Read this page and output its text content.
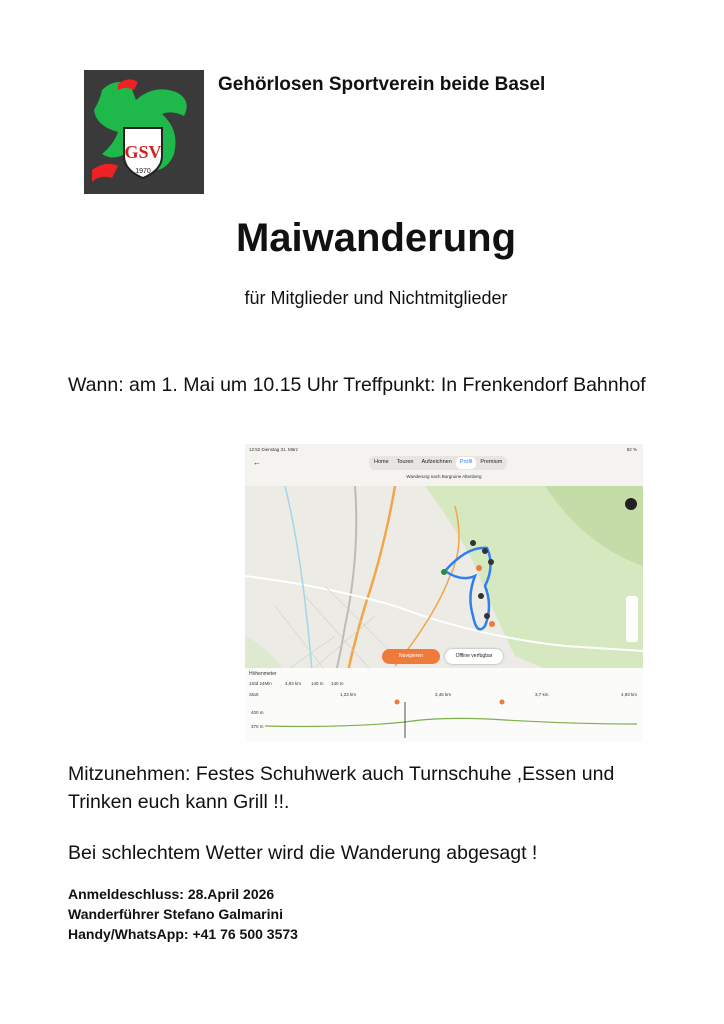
GSV
1970
Gehörlosen Sportverein beide Basel
Maiwanderung
für Mitglieder und Nichtmitglieder
Wann: am 1. Mai um 10.15 Uhr Treffpunkt: In Frenkendorf Bahnhof
12:52 Dienstag 31. März	82 %
←	Home	Touren	Aufzeichnen	Profil	Premium
Wanderung nach Burgruine Altenberg
Navigieren	Offline verfügbar
Höhenmeter
1Std 24Min	4,93 km 140 m 140 m
Start	1,23 km	2,46 km	3,7 km	4,93 km
400 m
370 m
Mitzunehmen: Festes Schuhwerk auch Turnschuhe ,Essen und Trinken euch kann Grill !!.
Bei schlechtem Wetter wird die Wanderung abgesagt !
Anmeldeschluss: 28.April 2026
Wanderführer Stefano Galmarini
Handy/WhatsApp: +41 76 500 3573
